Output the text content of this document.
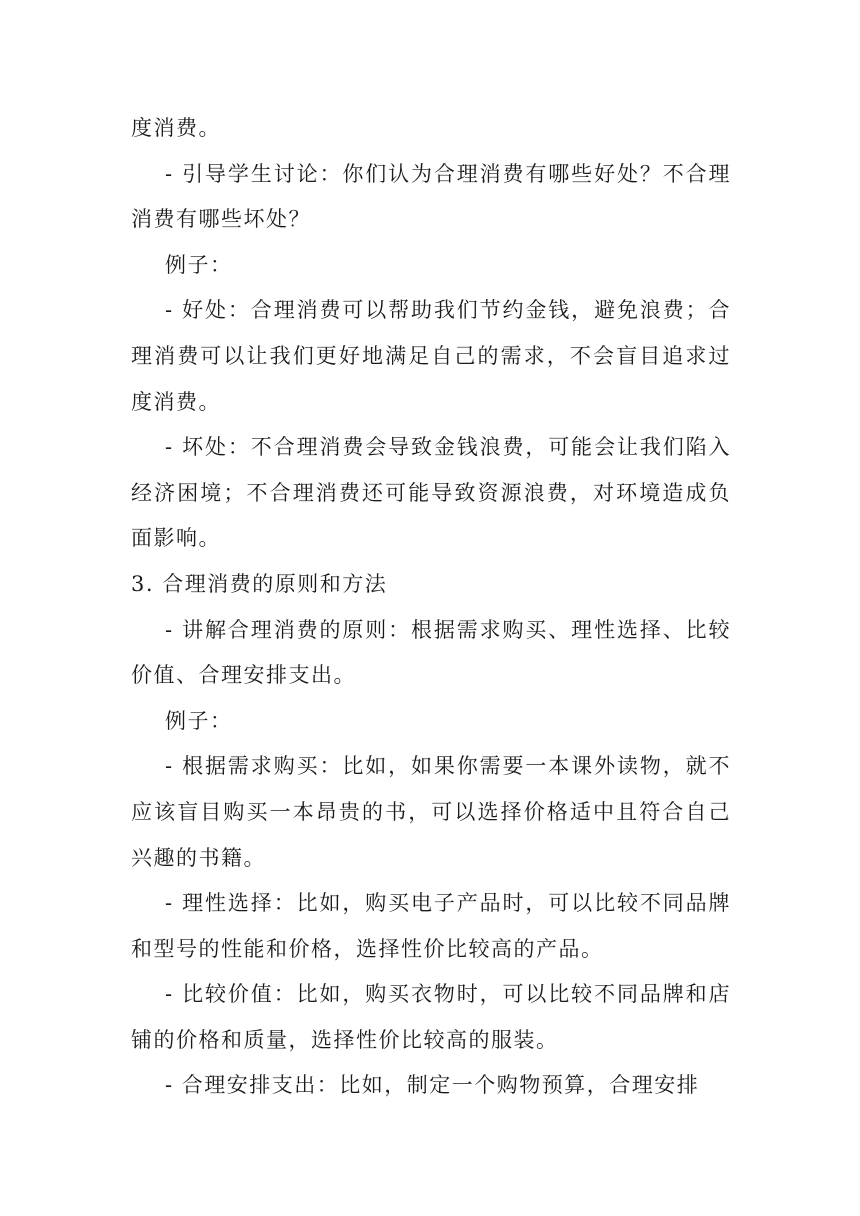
度消费。

- 引导学生讨论：你们认为合理消费有哪些好处？不合理消费有哪些坏处？

例子：

- 好处：合理消费可以帮助我们节约金钱，避免浪费；合理消费可以让我们更好地满足自己的需求，不会盲目追求过度消费。

- 坏处：不合理消费会导致金钱浪费，可能会让我们陷入经济困境；不合理消费还可能导致资源浪费，对环境造成负面影响。

3. 合理消费的原则和方法

- 讲解合理消费的原则：根据需求购买、理性选择、比较价值、合理安排支出。

例子：

- 根据需求购买：比如，如果你需要一本课外读物，就不应该盲目购买一本昂贵的书，可以选择价格适中且符合自己兴趣的书籍。

- 理性选择：比如，购买电子产品时，可以比较不同品牌和型号的性能和价格，选择性价比较高的产品。

- 比较价值：比如，购买衣物时，可以比较不同品牌和店铺的价格和质量，选择性价比较高的服装。

- 合理安排支出：比如，制定一个购物预算，合理安排
